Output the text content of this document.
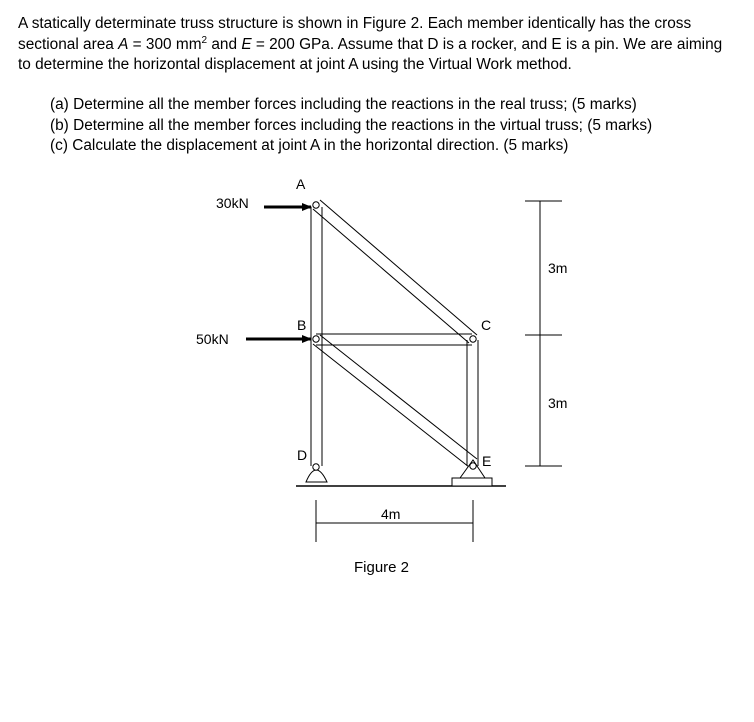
A statically determinate truss structure is shown in Figure 2. Each member identically has the cross sectional area A = 300 $mm^2$ and E = 200 GPa. Assume that D is a rocker, and E is a pin. We are aiming to determine the horizontal displacement at joint A using the Virtual Work method.

(a) Determine all the member forces including the reactions in the real truss; (5 marks)

(b) Determine all the member forces including the reactions in the virtual truss; (5 marks)

(c) Calculate the displacement at joint A in the horizontal direction. (5 marks)

30kN
50kN
A
B	C
D	E
3m
3m
4m
Figure 2
